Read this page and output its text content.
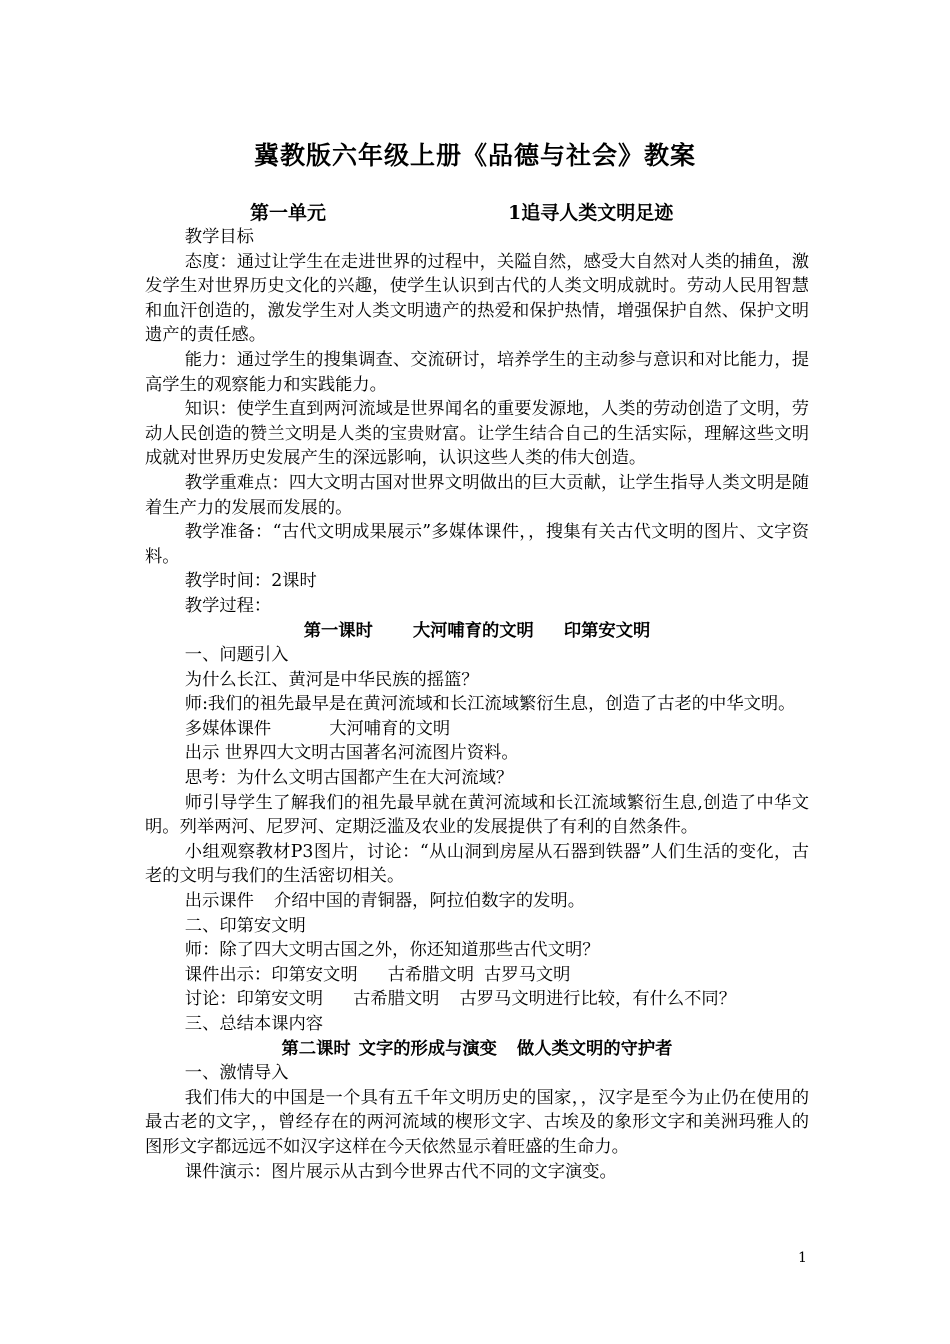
冀教版六年级上册《品德与社会》教案
第一单元	1追寻人类文明足迹

教学目标

态度：通过让学生在走进世界的过程中，关隘自然，感受大自然对人类的捕鱼，激发学生对世界历史文化的兴趣，使学生认识到古代的人类文明成就时。劳动人民用智慧和血汗创造的，激发学生对人类文明遗产的热爱和保护热情，增强保护自然、保护文明遗产的责任感。

能力：通过学生的搜集调查、交流研讨，培养学生的主动参与意识和对比能力，提高学生的观察能力和实践能力。

知识：使学生直到两河流域是世界闻名的重要发源地，人类的劳动创造了文明，劳动人民创造的赞兰文明是人类的宝贵财富。让学生结合自己的生活实际，理解这些文明成就对世界历史发展产生的深远影响，认识这些人类的伟大创造。

教学重难点：四大文明古国对世界文明做出的巨大贡献，让学生指导人类文明是随着生产力的发展而发展的。

教学准备：“古代文明成果展示”多媒体课件，，搜集有关古代文明的图片、文字资料。

教学时间：2课时

教学过程：

第一课时 大河哺育的文明 印第安文明

一、问题引入

为什么长江、黄河是中华民族的摇篮？

师:我们的祖先最早是在黄河流域和长江流域繁衍生息，创造了古老的中华文明。

多媒体课件	大河哺育的文明

出示 世界四大文明古国著名河流图片资料。

思考：为什么文明古国都产生在大河流域？

师引导学生了解我们的祖先最早就在黄河流域和长江流域繁衍生息,创造了中华文明。列举两河、尼罗河、定期泛滥及农业的发展提供了有利的自然条件。

小组观察教材P3图片，讨论：“从山洞到房屋从石器到铁器”人们生活的变化，古老的文明与我们的生活密切相关。

出示课件 介绍中国的青铜器，阿拉伯数字的发明。

二、印第安文明

师：除了四大文明古国之外，你还知道那些古代文明？

课件出示：印第安文明 古希腊文明 古罗马文明

讨论：印第安文明 古希腊文明 古罗马文明进行比较，有什么不同？

三、总结本课内容

第二课时 文字的形成与演变 做人类文明的守护者

一、激情导入

我们伟大的中国是一个具有五千年文明历史的国家，，汉字是至今为止仍在使用的最古老的文字，，曾经存在的两河流域的楔形文字、古埃及的象形文字和美洲玛雅人的图形文字都远远不如汉字这样在今天依然显示着旺盛的生命力。

课件演示：图片展示从古到今世界古代不同的文字演变。

1
